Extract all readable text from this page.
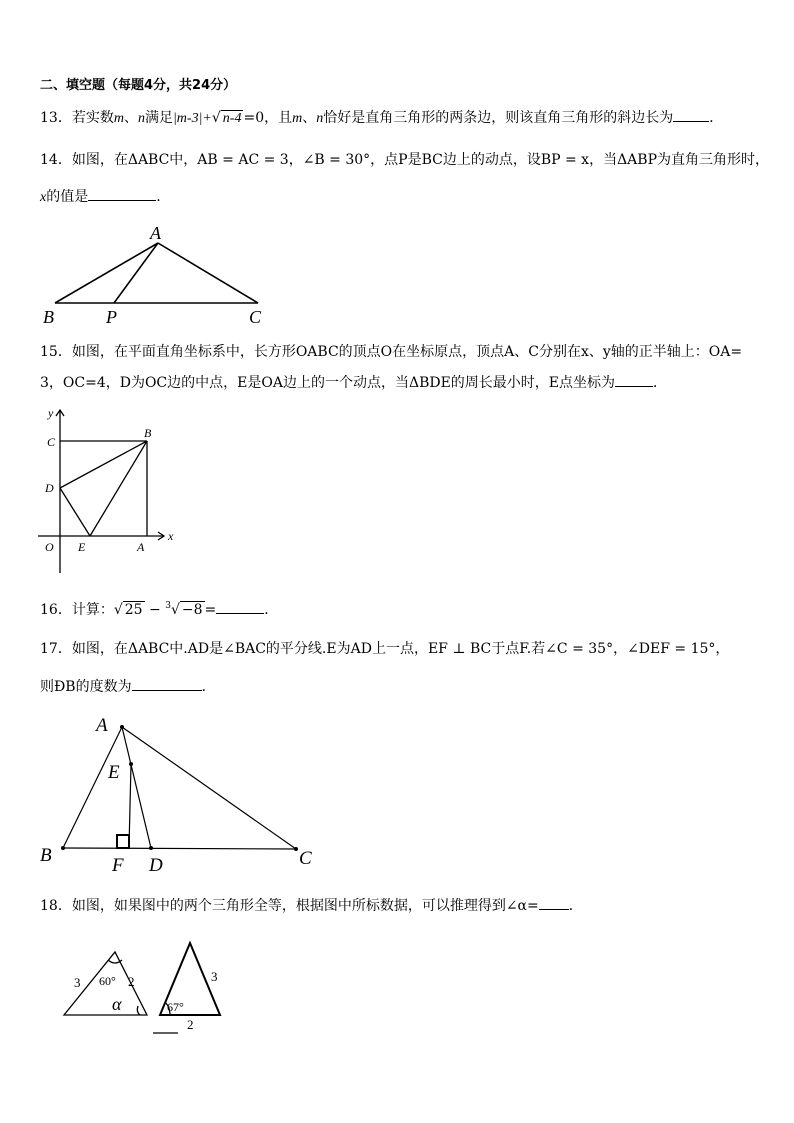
二、填空题（每题4分，共24分）
13．若实数m、n满足|m-3|+√ n-4 =0，且m、n恰好是直角三角形的两条边，则该直角三角形的斜边长为	．
14．如图，在ΔABC中，AB = AC = 3，∠B = 30°，点P是BC边上的动点，设BP = x，当ΔABP为直角三角形时，
x的值是	.
A
B	P	C
y
x
C
B
D
O E	A
A
E
B	F D	C
3 60° 2
α
3
67°
2
15．如图，在平面直角坐标系中，长方形OABC的顶点O在坐标原点，顶点A、C分别在x、y轴的正半轴上：OA=
3，OC=4，D为OC边的中点，E是OA边上的一个动点，当ΔBDE的周长最小时，E点坐标为	．
16．计算：√ 25 − $^3$√ −8 =	．
17．如图，在ΔABC中.AD是∠BAC的平分线.E为AD上一点，EF ⊥ BC于点F.若∠C = 35°，∠DEF = 15°，
则ÐB的度数为	．
18．如图，如果图中的两个三角形全等，根据图中所标数据，可以推理得到∠α= ．
